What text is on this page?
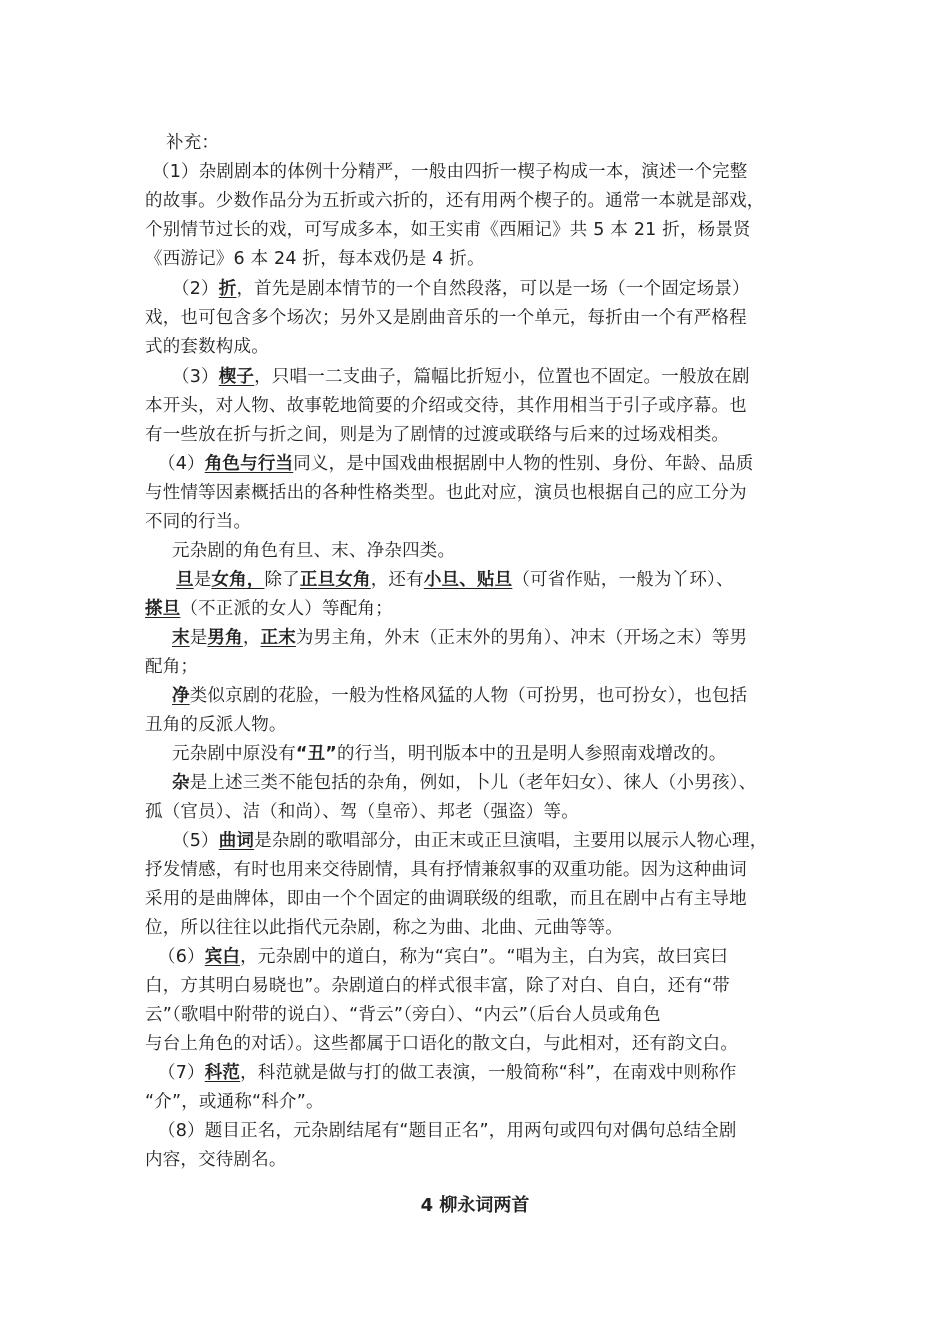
补充：
（1）杂剧剧本的体例十分精严，一般由四折一楔子构成一本，演述一个完整
的故事。少数作品分为五折或六折的，还有用两个楔子的。通常一本就是部戏，
个别情节过长的戏，可写成多本，如王实甫《西厢记》共 5 本 21 折，杨景贤
《西游记》6 本 24 折，每本戏仍是 4 折。
（2）折，首先是剧本情节的一个自然段落，可以是一场（一个固定场景）
戏，也可包含多个场次；另外又是剧曲音乐的一个单元，每折由一个有严格程
式的套数构成。
（3）楔子，只唱一二支曲子，篇幅比折短小，位置也不固定。一般放在剧
本开头，对人物、故事乾地简要的介绍或交待，其作用相当于引子或序幕。也
有一些放在折与折之间，则是为了剧情的过渡或联络与后来的过场戏相类。
（4）角色与行当同义，是中国戏曲根据剧中人物的性别、身份、年龄、品质
与性情等因素概括出的各种性格类型。也此对应，演员也根据自己的应工分为
不同的行当。
元杂剧的角色有旦、末、净杂四类。
旦是女角，除了正旦女角，还有小旦、贴旦（可省作贴，一般为丫环）、
搽旦（不正派的女人）等配角；
末是男角，正末为男主角，外末（正末外的男角）、冲末（开场之末）等男
配角；
净类似京剧的花脸，一般为性格风猛的人物（可扮男，也可扮女），也包括
丑角的反派人物。
元杂剧中原没有“丑”的行当，明刊版本中的丑是明人参照南戏增改的。
杂是上述三类不能包括的杂角，例如，卜儿（老年妇女）、徕人（小男孩）、
孤（官员）、洁（和尚）、驾（皇帝）、邦老（强盗）等。
（5）曲词是杂剧的歌唱部分，由正末或正旦演唱，主要用以展示人物心理，
抒发情感，有时也用来交待剧情，具有抒情兼叙事的双重功能。因为这种曲词
采用的是曲牌体，即由一个个固定的曲调联级的组歌，而且在剧中占有主导地
位，所以往往以此指代元杂剧，称之为曲、北曲、元曲等等。
（6）宾白，元杂剧中的道白，称为“宾白”。“唱为主，白为宾，故曰宾曰
白，方其明白易晓也”。杂剧道白的样式很丰富，除了对白、自白，还有“带
云”（歌唱中附带的说白）、“背云”（旁白）、“内云”（后台人员或角色
与台上角色的对话）。这些都属于口语化的散文白，与此相对，还有韵文白。
（7）科范，科范就是做与打的做工表演，一般简称“科”，在南戏中则称作
“介”，或通称“科介”。
（8）题目正名，元杂剧结尾有“题目正名”，用两句或四句对偶句总结全剧
内容，交待剧名。
4 柳永词两首
